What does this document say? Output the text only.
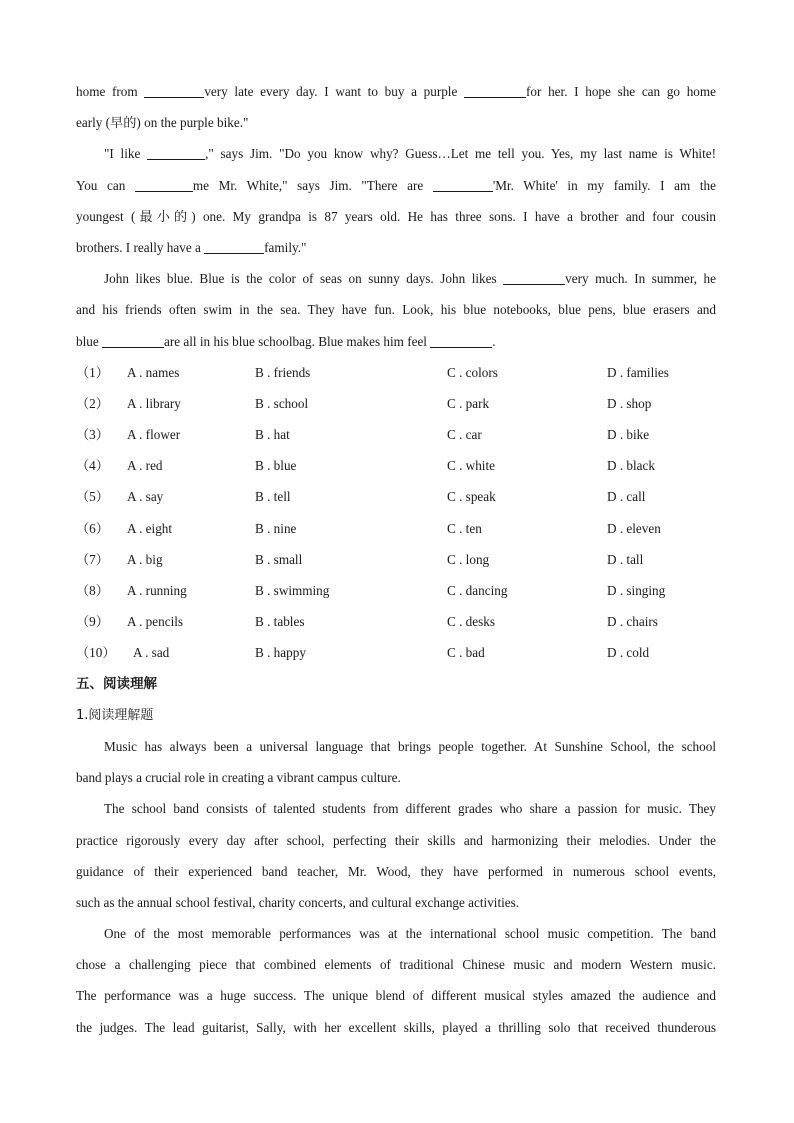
home from	very late every day. I want to buy a purple	for her. I hope she can go home
early (早的) on the purple bike."
"I like	," says Jim. "Do you know why? Guess…Let me tell you. Yes, my last name is White!
You can	me Mr. White," says Jim. "There are	'Mr. White' in my family. I am the
youngest (最小的) one. My grandpa is 87 years old. He has three sons. I have a brother and four cousin
brothers. I really have a	family."
John likes blue. Blue is the color of seas on sunny days. John likes	very much. In summer, he
and his friends often swim in the sea. They have fun. Look, his blue notebooks, blue pens, blue erasers and
blue	are all in his blue schoolbag. Blue makes him feel	.
（1） A . names	B . friends	C . colors	D . families
（2） A . library	B . school	C . park	D . shop
（3） A . flower	B . hat	C . car	D . bike
（4） A . red	B . blue	C . white	D . black
（5） A . say	B . tell	C . speak	D . call
（6） A . eight	B . nine	C . ten	D . eleven
（7） A . big	B . small	C . long	D . tall
（8） A . running	B . swimming	C . dancing	D . singing
（9） A . pencils	B . tables	C . desks	D . chairs
（10） A . sad	B . happy	C . bad	D . cold
五、阅读理解
1.阅读理解题
Music has always been a universal language that brings people together. At Sunshine School, the school
band plays a crucial role in creating a vibrant campus culture.
The school band consists of talented students from different grades who share a passion for music. They
practice rigorously every day after school, perfecting their skills and harmonizing their melodies. Under the
guidance of their experienced band teacher, Mr. Wood, they have performed in numerous school events,
such as the annual school festival, charity concerts, and cultural exchange activities.
One of the most memorable performances was at the international school music competition. The band
chose a challenging piece that combined elements of traditional Chinese music and modern Western music.
The performance was a huge success. The unique blend of different musical styles amazed the audience and
the judges. The lead guitarist, Sally, with her excellent skills, played a thrilling solo that received thunderous
